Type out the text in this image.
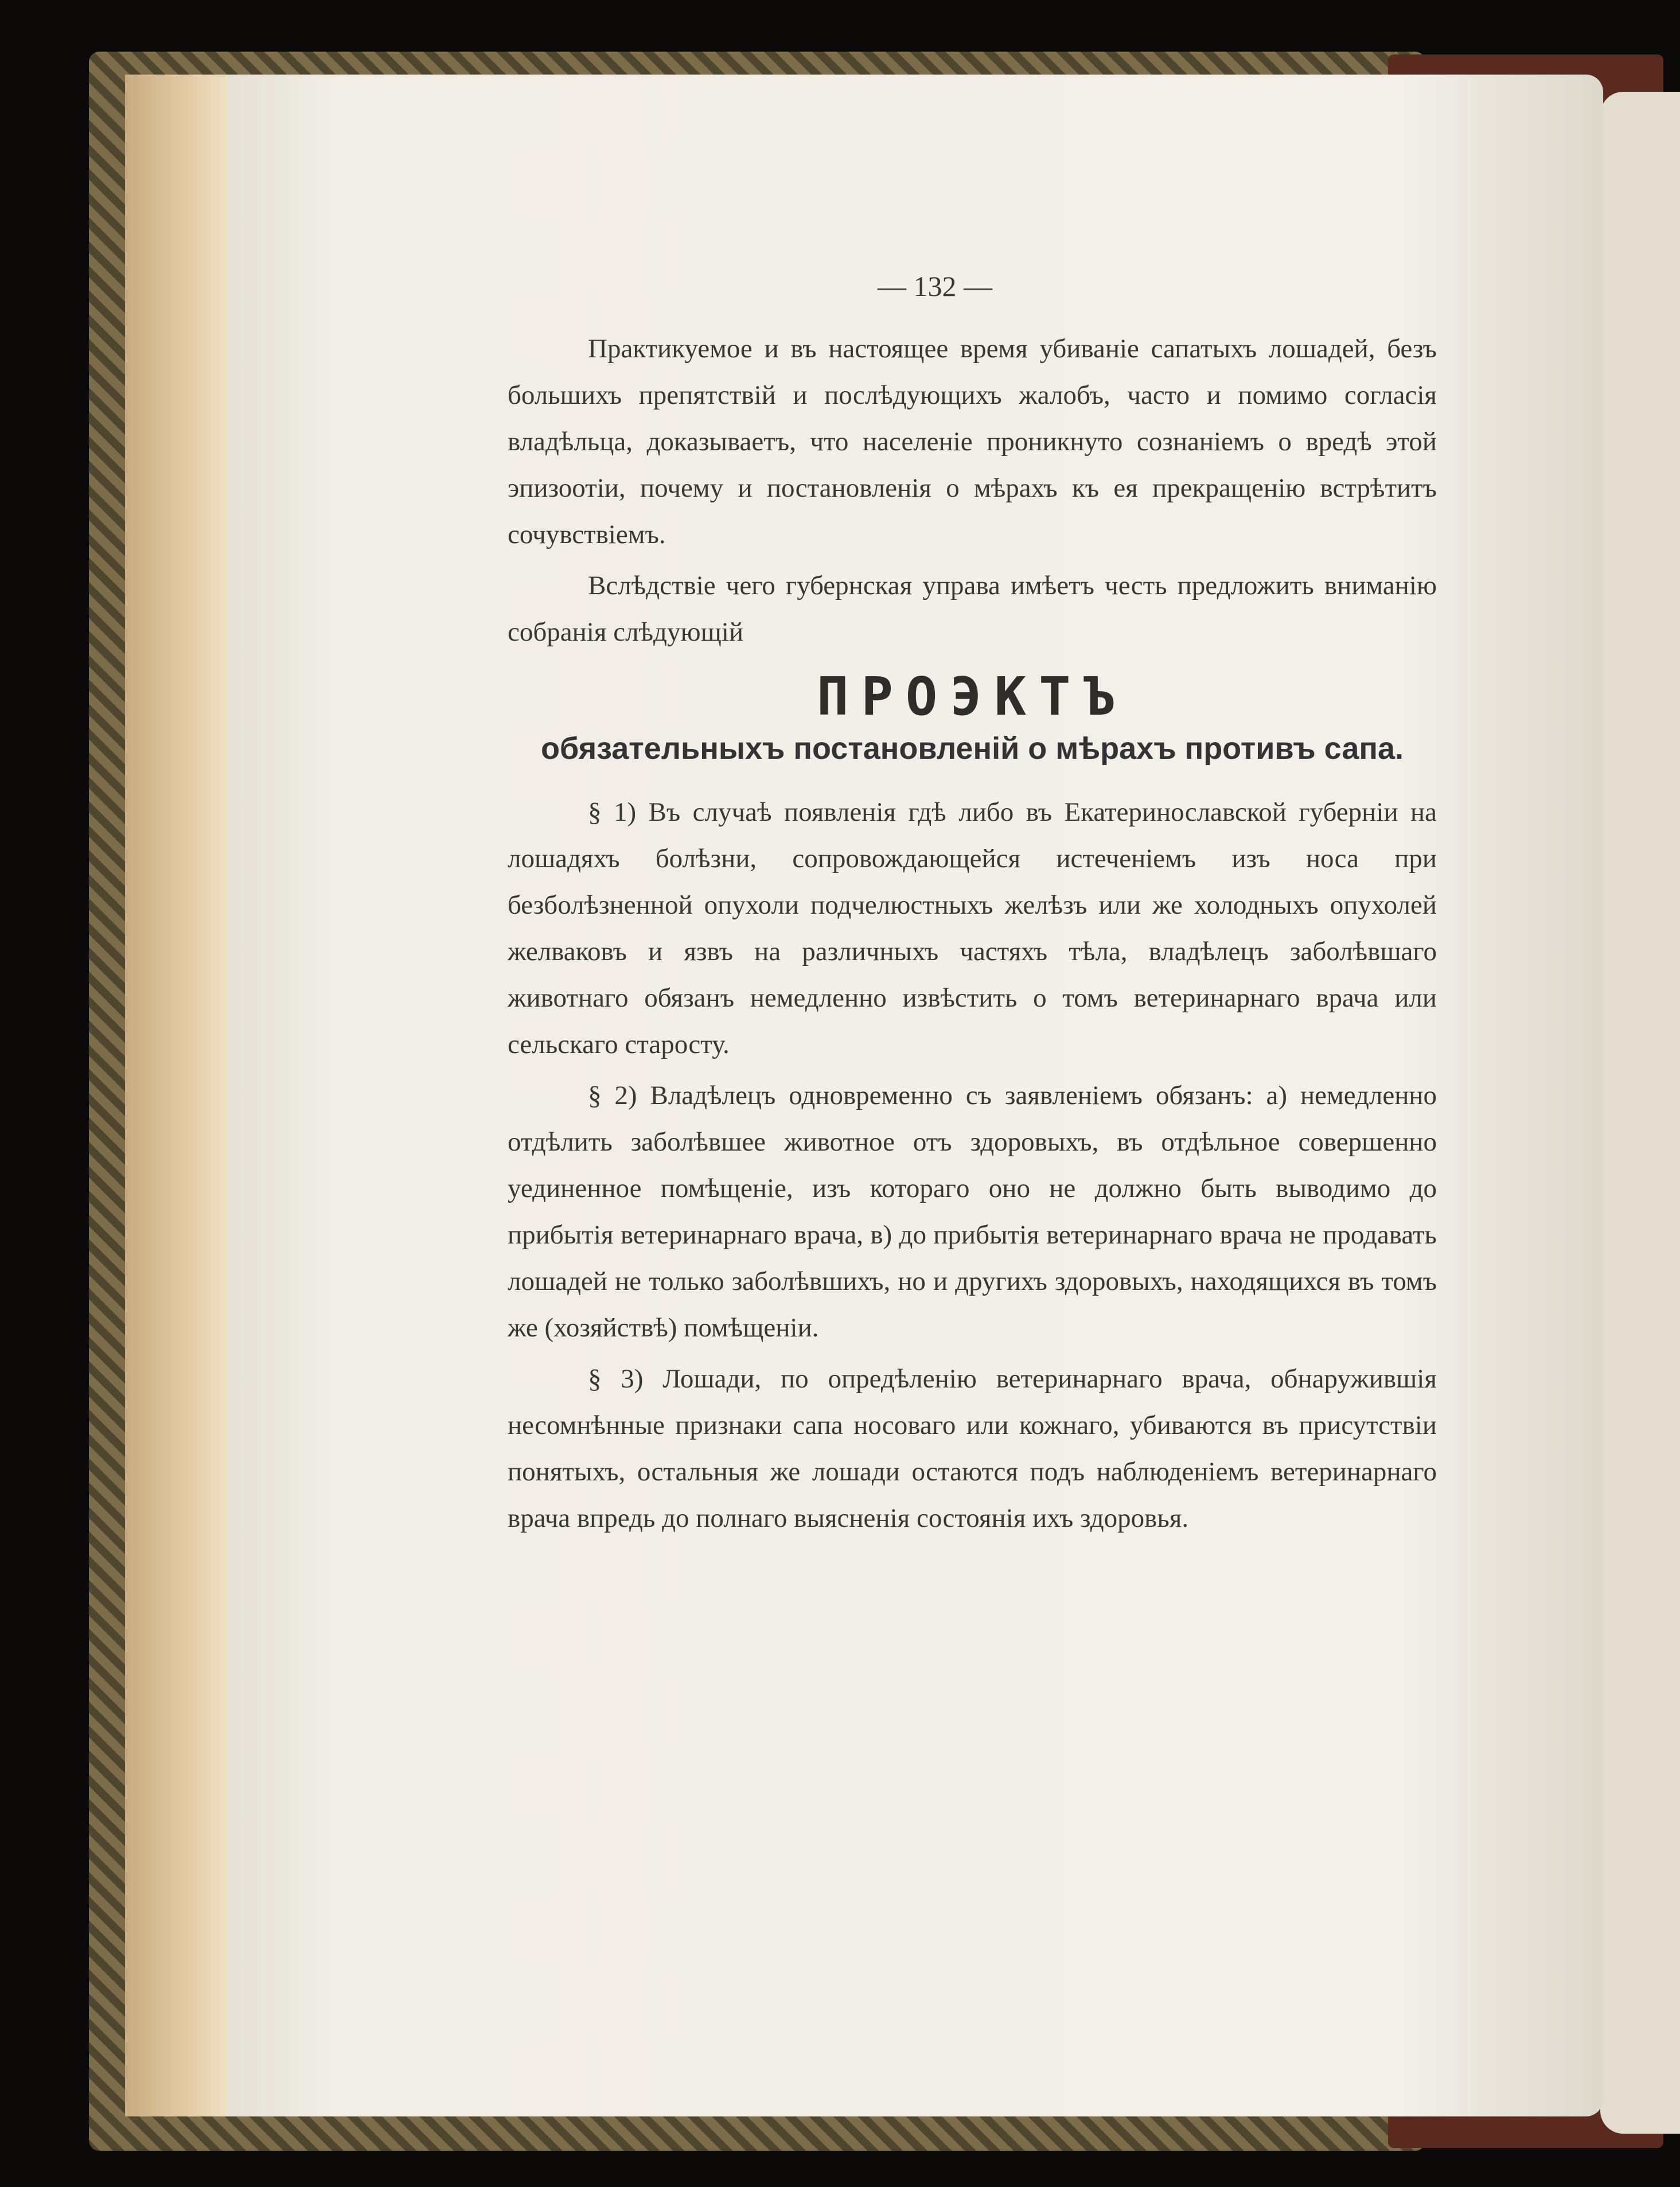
— 132 —

Практикуемое и въ настоящее время убиваніе сапатыхъ лошадей, безъ большихъ препятствій и послѣдующихъ жалобъ, часто и помимо согласія владѣльца, доказываетъ, что населеніе проникнуто сознаніемъ о вредѣ этой эпизоотіи, почему и постановленія о мѣрахъ къ ея прекращенію встрѣтитъ сочувствіемъ.

Вслѣдствіе чего губернская управа имѣетъ честь предложить вниманію собранія слѣдующій

ПРОЭКТЪ
обязательныхъ постановленій о мѣрахъ противъ сапа.

§ 1) Въ случаѣ появленія гдѣ либо въ Екатеринославской губерніи на лошадяхъ болѣзни, сопровождающейся истеченіемъ изъ носа при безболѣзненной опухоли подчелюстныхъ желѣзъ или же холодныхъ опухолей желваковъ и язвъ на различныхъ частяхъ тѣла, владѣлецъ заболѣвшаго животнаго обязанъ немедленно извѣстить о томъ ветеринарнаго врача или сельскаго старосту.

§ 2) Владѣлецъ одновременно съ заявленіемъ обязанъ: а) немедленно отдѣлить заболѣвшее животное отъ здоровыхъ, въ отдѣльное совершенно уединенное помѣщеніе, изъ которагo оно не должно быть выводимо до прибытія ветеринарнаго врача, в) до прибытія ветеринарнаго врача не продавать лошадей не только заболѣвшихъ, но и другихъ здоровыхъ, находящихся въ томъ же (хозяйствѣ) помѣщеніи.

§ 3) Лошади, по опредѣленію ветеринарнаго врача, обнаружившія несомнѣнные признаки сапа носоваго или кожнаго, убиваются въ присутствіи понятыхъ, остальныя же лошади остаются подъ наблюденіемъ ветеринарнаго врача впредь до полнаго выясненія состоянія ихъ здоровья.
